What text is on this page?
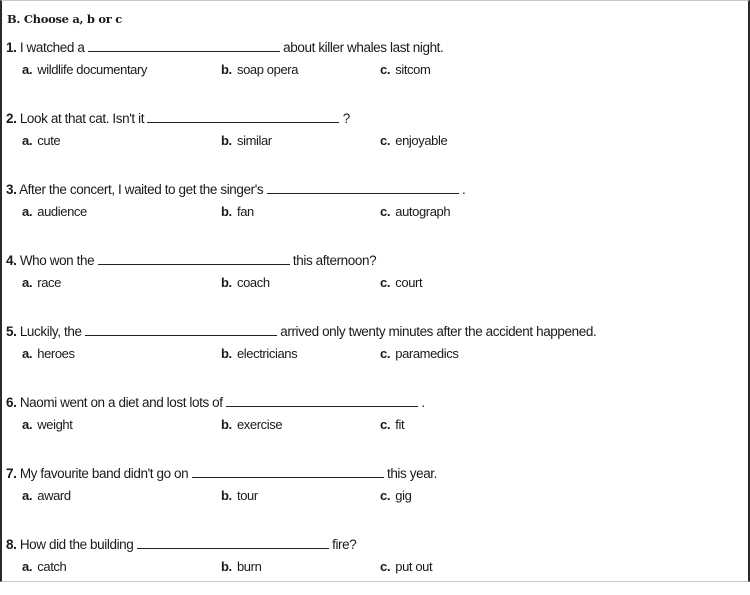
B. Choose a, b or c
1. I watched a	about killer whales last night.
a. wildlife documentary	b. soap opera	c. sitcom
2. Look at that cat. Isn't it	?
a. cute	b. similar	c. enjoyable
3. After the concert, I waited to get the singer's	.
a. audience	b. fan	c. autograph
4. Who won the	this afternoon?
a. race	b. coach	c. court
5. Luckily, the	arrived only twenty minutes after the accident happened.
a. heroes	b. electricians	c. paramedics
6. Naomi went on a diet and lost lots of	.
a. weight	b. exercise	c. fit
7. My favourite band didn't go on	this year.
a. award	b. tour	c. gig
8. How did the building	fire?
a. catch	b. burn	c. put out
